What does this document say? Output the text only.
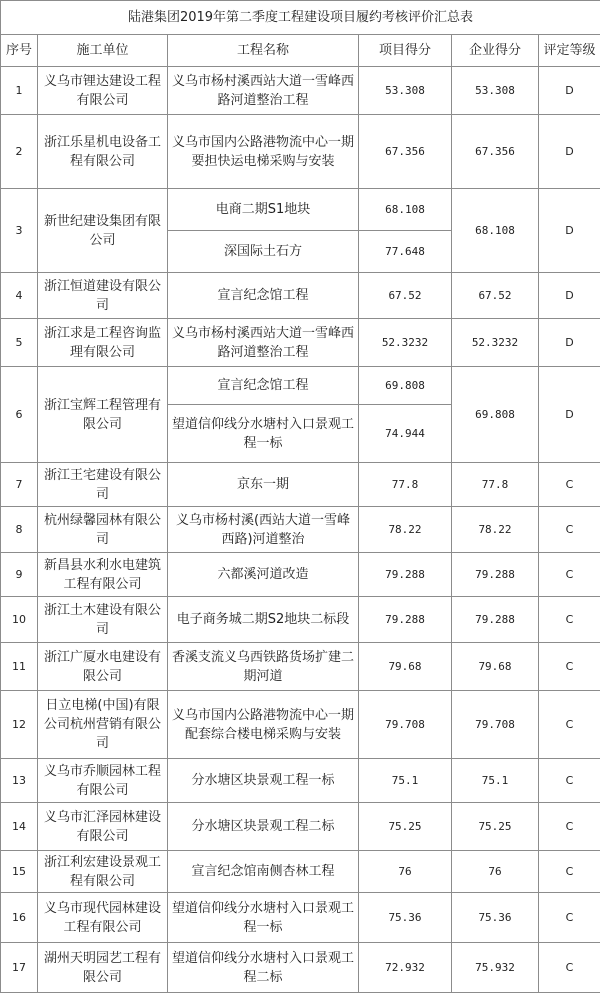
陆港集团2019年第二季度工程建设项目履约考核评价汇总表					
序号	施工单位	工程名称	项目得分	企业得分	评定等级
1	义乌市锂达建设工程有限公司	义乌市杨村溪西站大道一雪峰西路河道整治工程	53.308	53.308	D
2	浙江乐星机电设备工程有限公司	义乌市国内公路港物流中心一期要担快运电梯采购与安装	67.356	67.356	D
3	新世纪建设集团有限公司	电商二期S1地块	68.108	68.108	D
		深国际土石方	77.648		
4	浙江恒道建设有限公司	宣言纪念馆工程	67.52	67.52	D
5	浙江求是工程咨询监理有限公司	义乌市杨村溪西站大道一雪峰西路河道整治工程	52.3232	52.3232	D
6	浙江宝辉工程管理有限公司	宣言纪念馆工程	69.808	69.808	D
		望道信仰线分水塘村入口景观工程一标	74.944		
7	浙江王宅建设有限公司	京东一期	77.8	77.8	C
8	杭州绿馨园林有限公司	义乌市杨村溪(西站大道一雪峰西路)河道整治	78.22	78.22	C
9	新昌县水利水电建筑工程有限公司	六都溪河道改造	79.288	79.288	C
10	浙江土木建设有限公司	电子商务城二期S2地块二标段	79.288	79.288	C
11	浙江广厦水电建设有限公司	香溪支流义乌西铁路货场扩建二期河道	79.68	79.68	C
12	日立电梯(中国)有限公司杭州营销有限公司	义乌市国内公路港物流中心一期配套综合楼电梯采购与安装	79.708	79.708	C
13	义乌市乔顺园林工程有限公司	分水塘区块景观工程一标	75.1	75.1	C
14	义乌市汇泽园林建设有限公司	分水塘区块景观工程二标	75.25	75.25	C
15	浙江利宏建设景观工程有限公司	宣言纪念馆南侧杏林工程	76	76	C
16	义乌市现代园林建设工程有限公司	望道信仰线分水塘村入口景观工程一标	75.36	75.36	C
17	湖州天明园艺工程有限公司	望道信仰线分水塘村入口景观工程二标	72.932	75.932	C
